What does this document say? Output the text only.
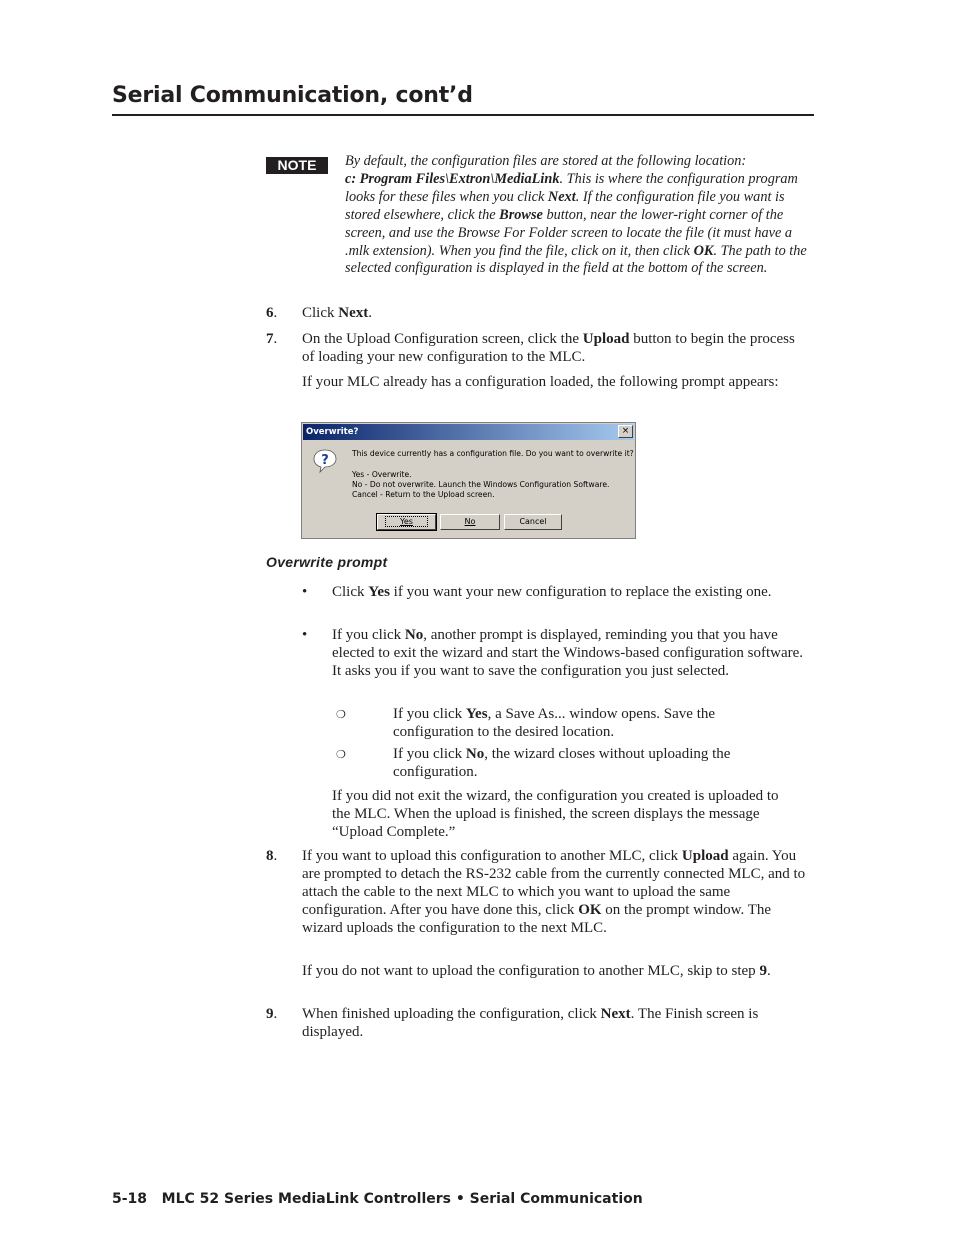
Serial Communication, cont’d
NOTE	By default, the configuration files are stored at the following location:
c: Program Files\Extron\MediaLink. This is where the configuration program looks for these files when you click Next. If the configuration file you want is stored elsewhere, click the Browse button, near the lower-right corner of the screen, and use the Browse For Folder screen to locate the file (it must have a .mlk extension). When you find the file, click on it, then click OK. The path to the selected configuration is displayed in the field at the bottom of the screen.

6. Click Next.

7. On the Upload Configuration screen, click the Upload button to begin the process of loading your new configuration to the MLC.

If your MLC already has a configuration loaded, the following prompt appears:

Overwrite?	×
?	This device currently has a configuration file. Do you want to overwrite it?

Yes - Overwrite.
No - Do not overwrite. Launch the Windows Configuration Software.
Cancel - Return to the Upload screen.

Yes	No	Cancel

Overwrite prompt

• Click Yes if you want your new configuration to replace the existing one.

• If you click No, another prompt is displayed, reminding you that you have elected to exit the wizard and start the Windows-based configuration software. It asks you if you want to save the configuration you just selected.

❍	If you click Yes, a Save As... window opens. Save the configuration to the desired location.

❍	If you click No, the wizard closes without uploading the configuration.

If you did not exit the wizard, the configuration you created is uploaded to the MLC. When the upload is finished, the screen displays the message “Upload Complete.”

8. If you want to upload this configuration to another MLC, click Upload again. You are prompted to detach the RS-232 cable from the currently connected MLC, and to attach the cable to the next MLC to which you want to upload the same configuration. After you have done this, click OK on the prompt window. The wizard uploads the configuration to the next MLC.

If you do not want to upload the configuration to another MLC, skip to step 9.

9. When finished uploading the configuration, click Next. The Finish screen is displayed.

5-18 MLC 52 Series MediaLink Controllers • Serial Communication
